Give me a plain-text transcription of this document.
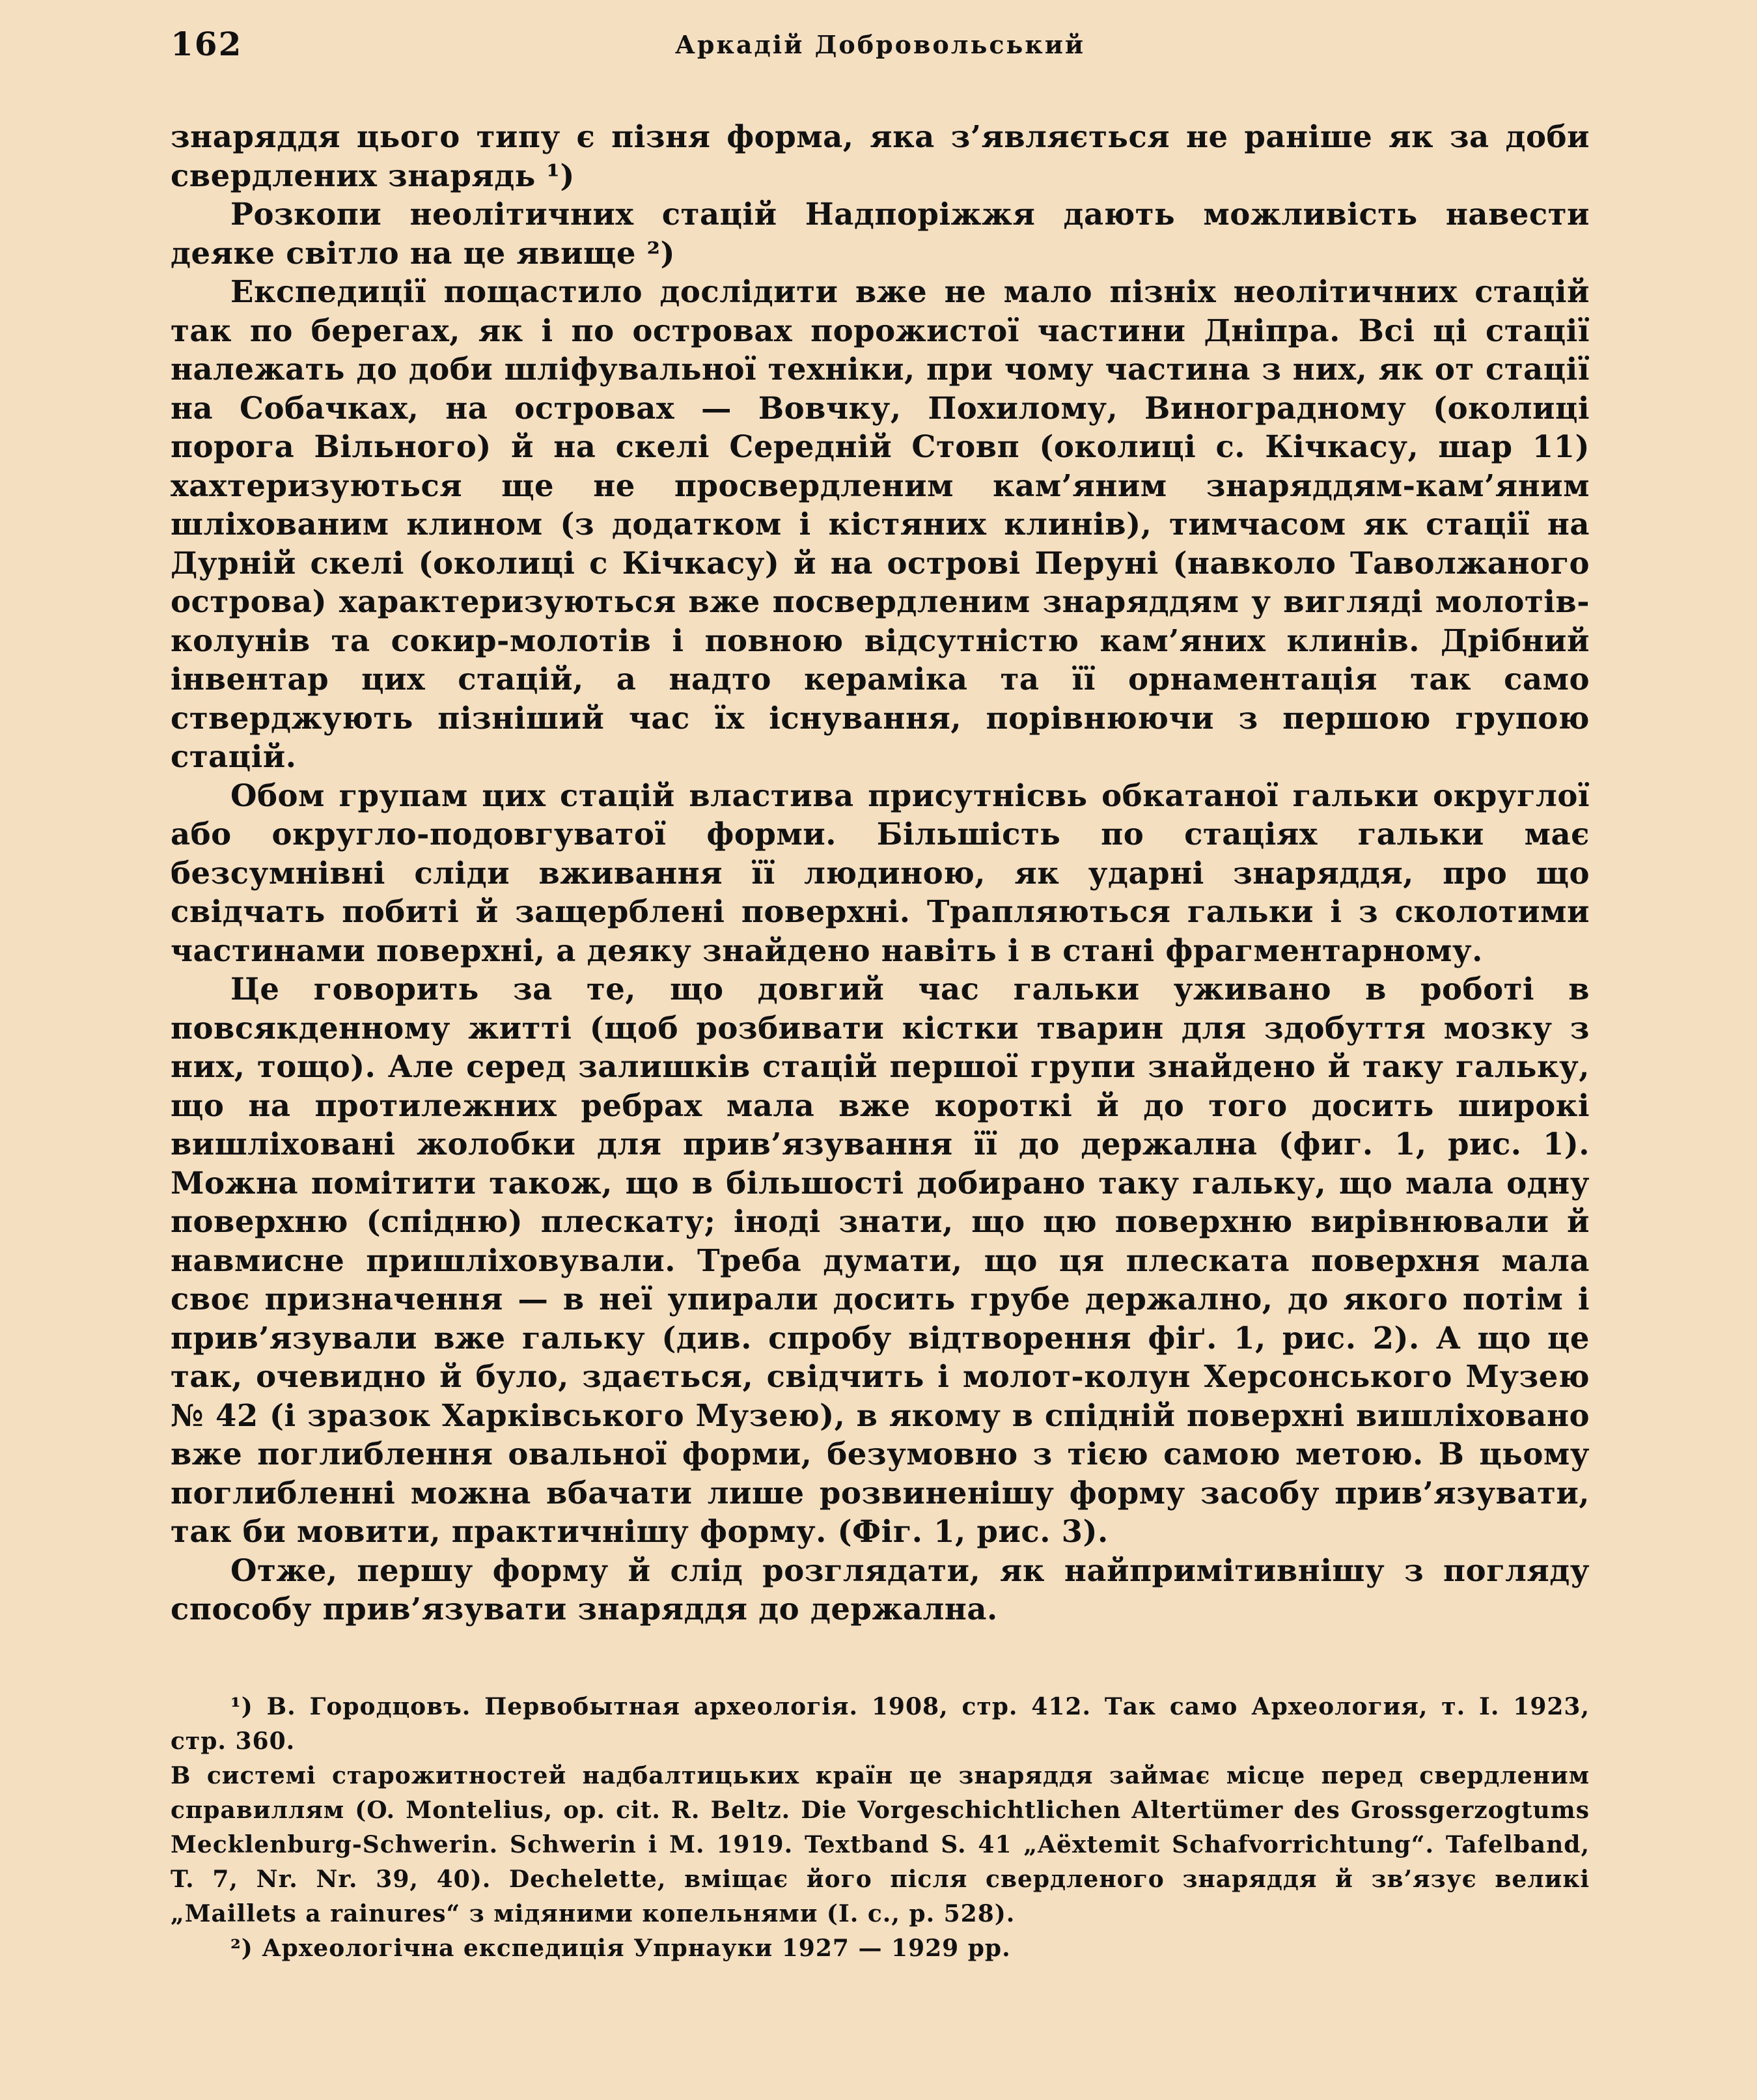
162	Аркадій Добровольський

знаряддя цього типу є пізня форма, яка з’являється не раніше як за доби свердлених знарядь ¹)

Розкопи неолітичних стацій Надпоріжжя дають можливість навести деяке світло на це явище ²)

Експедиції пощастило дослідити вже не мало пізніх неолітичних стацій так по берегах, як і по островах порожистої частини Дніпра. Всі ці стації належать до доби шліфувальної техніки, при чому частина з них, як от стації на Собачках, на островах — Вовчку, Похилому, Виноградному (околиці порога Вільного) й на скелі Середній Стовп (околиці с. Кічкасу, шар 11) хахтеризуються ще не просвердленим кам’яним знаряддям-кам’яним шліхованим клином (з додатком і кістяних клинів), тимчасом як стації на Дурній скелі (околиці с Кічкасу) й на острові Перуні (навколо Таволжаного острова) характеризуються вже посвердленим знаряддям у вигляді молотів-колунів та сокир-молотів і повною відсутністю кам’яних клинів. Дрібний інвентар цих стацій, а надто кераміка та її орнаментація так само стверджують пізніший час їх існування, порівнюючи з першою групою стацій.

Обом групам цих стацій властива присутнісвь обкатаної гальки округлої або округло-подовгуватої форми. Більшість по стаціях гальки має безсумнівні сліди вживання її людиною, як ударні знаряддя, про що свідчать побиті й защерблені поверхні. Трапляються гальки і з сколотими частинами поверхні, а деяку знайдено навіть і в стані фрагментарному.

Це говорить за те, що довгий час гальки уживано в роботі в повсякденному житті (щоб розбивати кістки тварин для здобуття мозку з них, тощо). Але серед залишків стацій першої групи знайдено й таку гальку, що на протилежних ребрах мала вже короткі й до того досить широкі вишліховані жолобки для прив’язування її до держална (фиг. 1, рис. 1). Можна помітити також, що в більшості добирано таку гальку, що мала одну поверхню (спідню) плескату; іноді знати, що цю поверхню вирівнювали й навмисне пришліховували. Треба думати, що ця плеската поверхня мала своє призначення — в неї упирали досить грубе держално, до якого потім і прив’язували вже гальку (див. спробу відтворення фіґ. 1, рис. 2). А що це так, очевидно й було, здається, свідчить і молот-колун Херсонського Музею № 42 (і зразок Харківського Музею), в якому в спідній поверхні вишліховано вже поглиблення овальної форми, безумовно з тією самою метою. В цьому поглибленні можна вбачати лише розвиненішу форму засобу прив’язувати, так би мовити, практичнішу форму. (Фіг. 1, рис. 3).

Отже, першу форму й слід розглядати, як найпримітивнішу з погляду способу прив’язувати знаряддя до держална.

¹) В. Городцовъ. Первобытная археологія. 1908, стр. 412. Так само Археология, т. I. 1923, стр. 360.

В системі старожитностей надбалтицьких країн це знаряддя займає місце перед свердленим справиллям (O. Montelius, op. cit. R. Beltz. Die Vorgeschichtlichen Altertümer des Grossgerzogtums Mecklenburg-Schwerin. Schwerin i M. 1919. Textband S. 41 „Aëxtemit Schafvorrichtung“. Tafelband, T. 7, Nr. Nr. 39, 40). Dechelette, вміщає його після свердленого знаряддя й зв’язує великі „Maillets a rainures“ з мідяними копельнями (I. c., p. 528).

²) Археологічна експедиція Упрнауки 1927 — 1929 pp.
